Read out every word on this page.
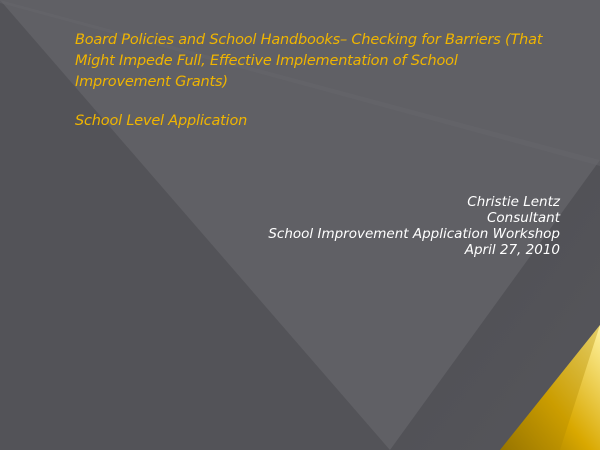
Board Policies and School Handbooks– Checking for Barriers (That Might Impede Full, Effective Implementation of School Improvement Grants)

School Level Application

Christie Lentz
Consultant
School Improvement Application Workshop
April 27, 2010
